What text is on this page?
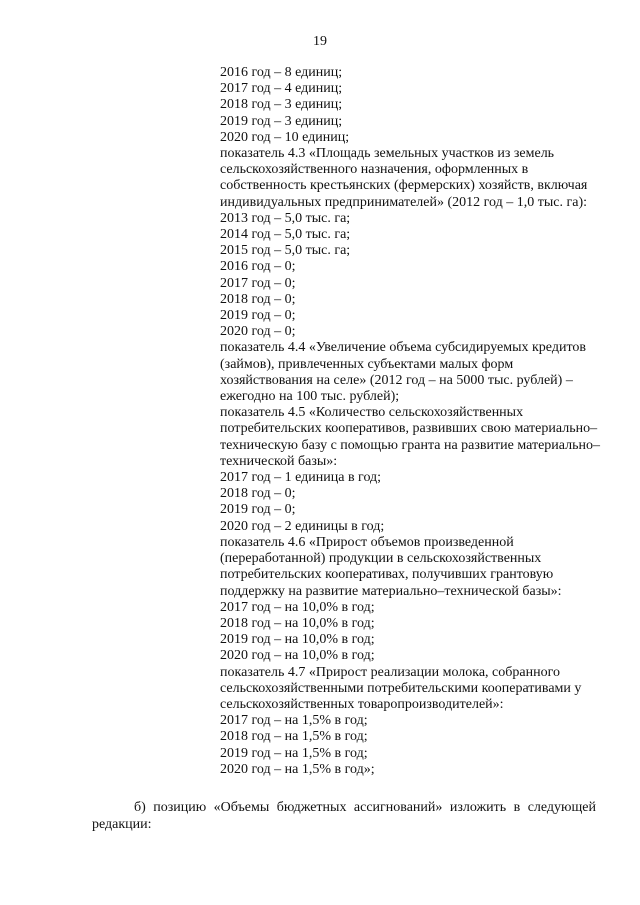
19

2016 год – 8 единиц;

2017 год – 4 единиц;

2018 год – 3 единиц;

2019 год – 3 единиц;

2020 год – 10 единиц;

показатель 4.3 «Площадь земельных участков из земель

сельскохозяйственного назначения, оформленных в

собственность крестьянских (фермерских) хозяйств, включая

индивидуальных предпринимателей» (2012 год – 1,0 тыс. га):

2013 год – 5,0 тыс. га;

2014 год – 5,0 тыс. га;

2015 год – 5,0 тыс. га;

2016 год – 0;

2017 год – 0;

2018 год – 0;

2019 год – 0;

2020 год – 0;

показатель 4.4 «Увеличение объема субсидируемых кредитов

(займов), привлеченных субъектами малых форм

хозяйствования на селе» (2012 год – на 5000 тыс. рублей) –

ежегодно на 100 тыс. рублей);

показатель 4.5 «Количество сельскохозяйственных

потребительских кооперативов, развивших свою материально–

техническую базу с помощью гранта на развитие материально–

технической базы»:

2017 год – 1 единица в год;

2018 год – 0;

2019 год – 0;

2020 год – 2 единицы в год;

показатель 4.6 «Прирост объемов произведенной

(переработанной) продукции в сельскохозяйственных

потребительских кооперативах, получивших грантовую

поддержку на развитие материально–технической базы»:

2017 год – на 10,0% в год;

2018 год – на 10,0% в год;

2019 год – на 10,0% в год;

2020 год – на 10,0% в год;

показатель 4.7 «Прирост реализации молока, собранного

сельскохозяйственными потребительскими кооперативами у

сельскохозяйственных товаропроизводителей»:

2017 год – на 1,5% в год;

2018 год – на 1,5% в год;

2019 год – на 1,5% в год;

2020 год – на 1,5% в год»;

б) позицию «Объемы бюджетных ассигнований» изложить в следующей
редакции:
